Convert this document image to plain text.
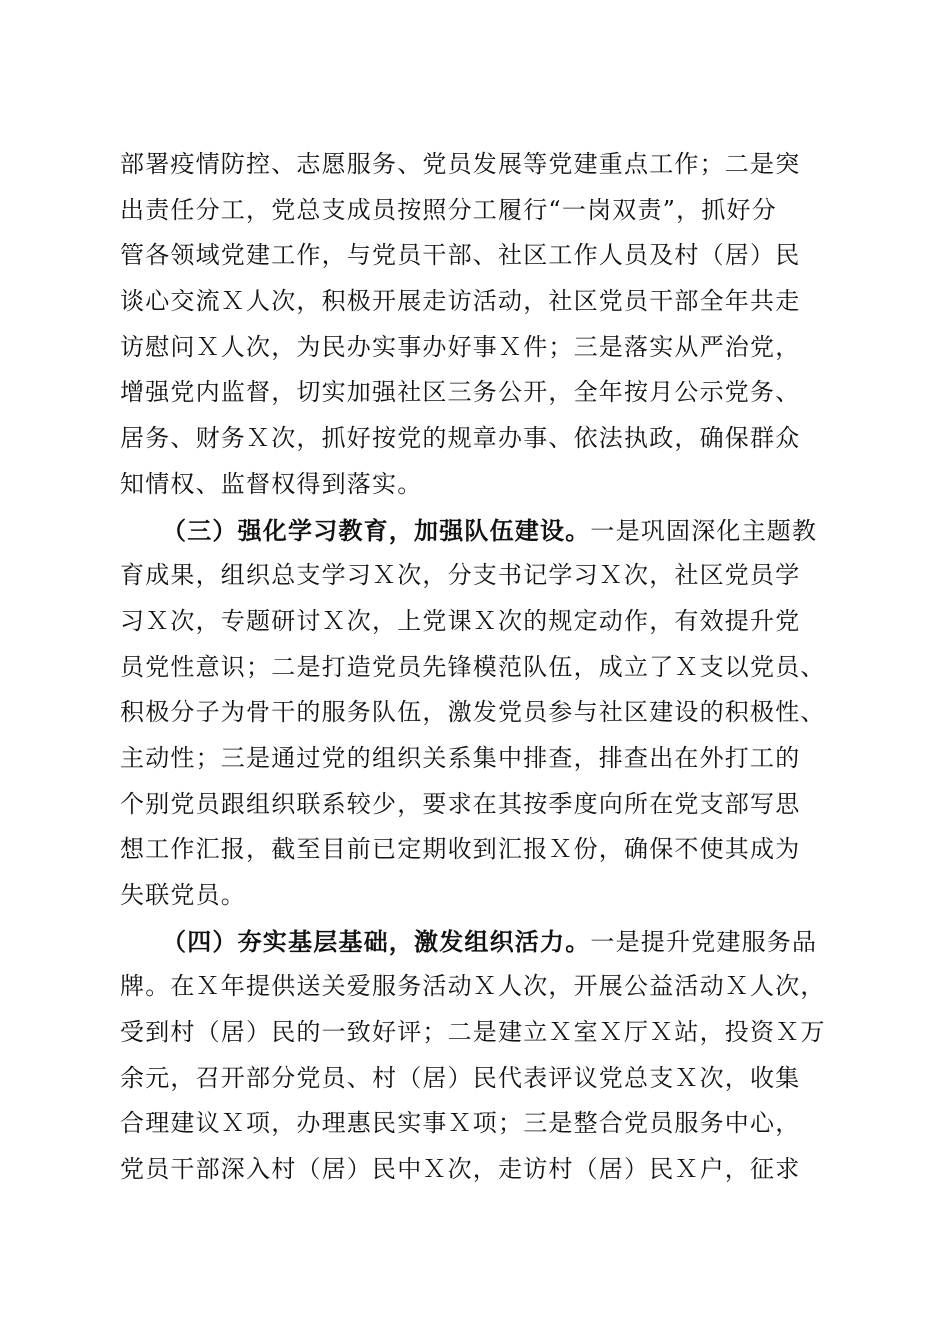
部署疫情防控、志愿服务、党员发展等党建重点工作；二是突
出责任分工，党总支成员按照分工履行“一岗双责”，抓好分
管各领域党建工作，与党员干部、社区工作人员及村（居）民
谈心交流Ｘ人次，积极开展走访活动，社区党员干部全年共走
访慰问Ｘ人次，为民办实事办好事Ｘ件；三是落实从严治党，
增强党内监督，切实加强社区三务公开，全年按月公示党务、
居务、财务Ｘ次，抓好按党的规章办事、依法执政，确保群众
知情权、监督权得到落实。
（三）强化学习教育，加强队伍建设。一是巩固深化主题教
育成果，组织总支学习Ｘ次，分支书记学习Ｘ次，社区党员学
习Ｘ次，专题研讨Ｘ次，上党课Ｘ次的规定动作，有效提升党
员党性意识；二是打造党员先锋模范队伍，成立了Ｘ支以党员、
积极分子为骨干的服务队伍，激发党员参与社区建设的积极性、
主动性；三是通过党的组织关系集中排查，排查出在外打工的
个别党员跟组织联系较少，要求在其按季度向所在党支部写思
想工作汇报，截至目前已定期收到汇报Ｘ份，确保不使其成为
失联党员。
（四）夯实基层基础，激发组织活力。一是提升党建服务品
牌。在Ｘ年提供送关爱服务活动Ｘ人次，开展公益活动Ｘ人次，
受到村（居）民的一致好评；二是建立Ｘ室Ｘ厅Ｘ站，投资Ｘ万
余元，召开部分党员、村（居）民代表评议党总支Ｘ次，收集
合理建议Ｘ项，办理惠民实事Ｘ项；三是整合党员服务中心，
党员干部深入村（居）民中Ｘ次，走访村（居）民Ｘ户，征求
